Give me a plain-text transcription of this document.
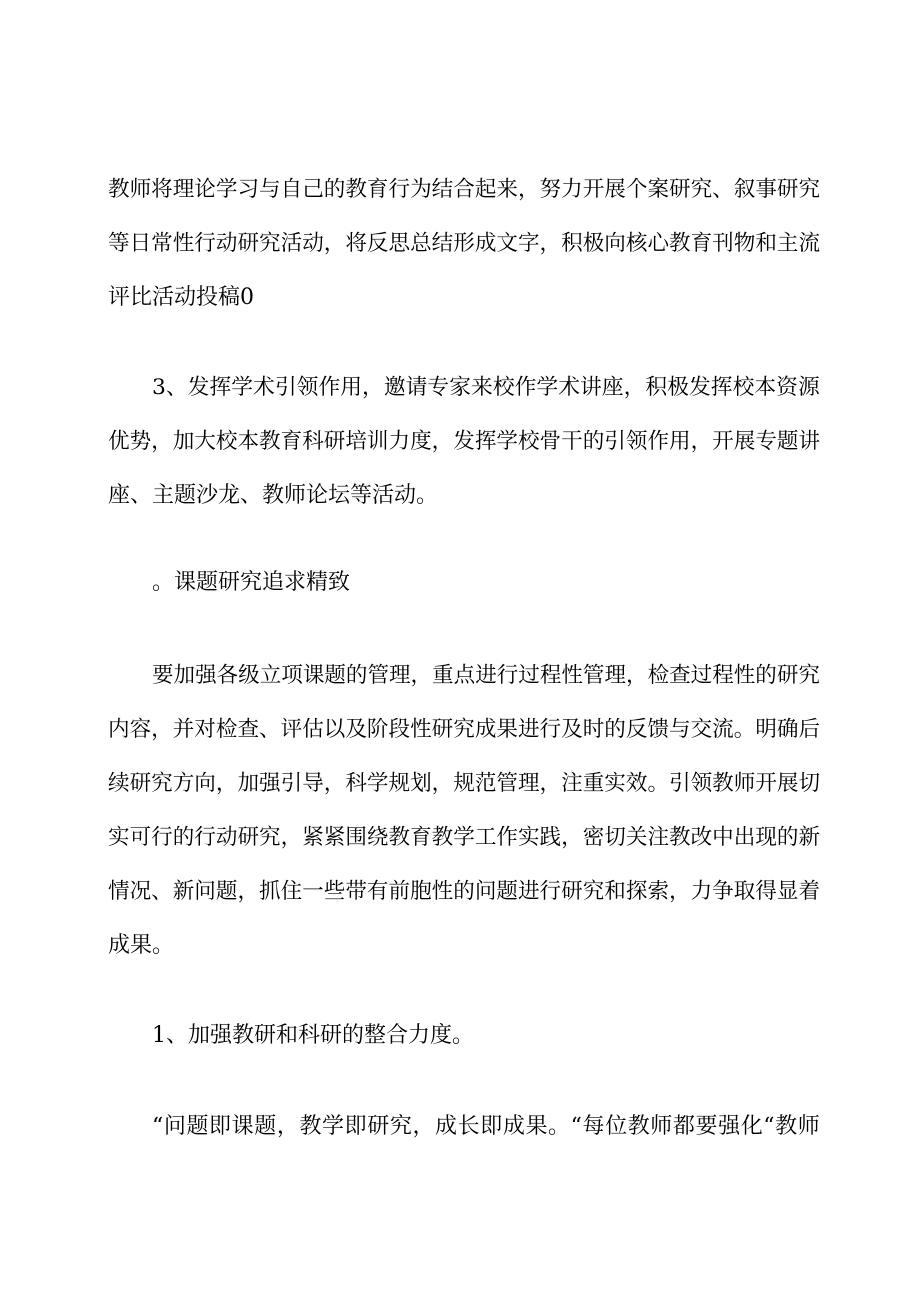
教师将理论学习与自己的教育行为结合起来，努力开展个案研究、叙事研究
等日常性行动研究活动，将反思总结形成文字，积极向核心教育刊物和主流
评比活动投稿0
3、发挥学术引领作用，邀请专家来校作学术讲座，积极发挥校本资源
优势，加大校本教育科研培训力度，发挥学校骨干的引领作用，开展专题讲
座、主题沙龙、教师论坛等活动。
。课题研究追求精致
要加强各级立项课题的管理，重点进行过程性管理，检查过程性的研究
内容，并对检查、评估以及阶段性研究成果进行及时的反馈与交流。明确后
续研究方向，加强引导，科学规划，规范管理，注重实效。引领教师开展切
实可行的行动研究，紧紧围绕教育教学工作实践，密切关注教改中出现的新
情况、新问题，抓住一些带有前胞性的问题进行研究和探索，力争取得显着
成果。
1、加强教研和科研的整合力度。
“问题即课题，教学即研究，成长即成果。“每位教师都要强化“教师
